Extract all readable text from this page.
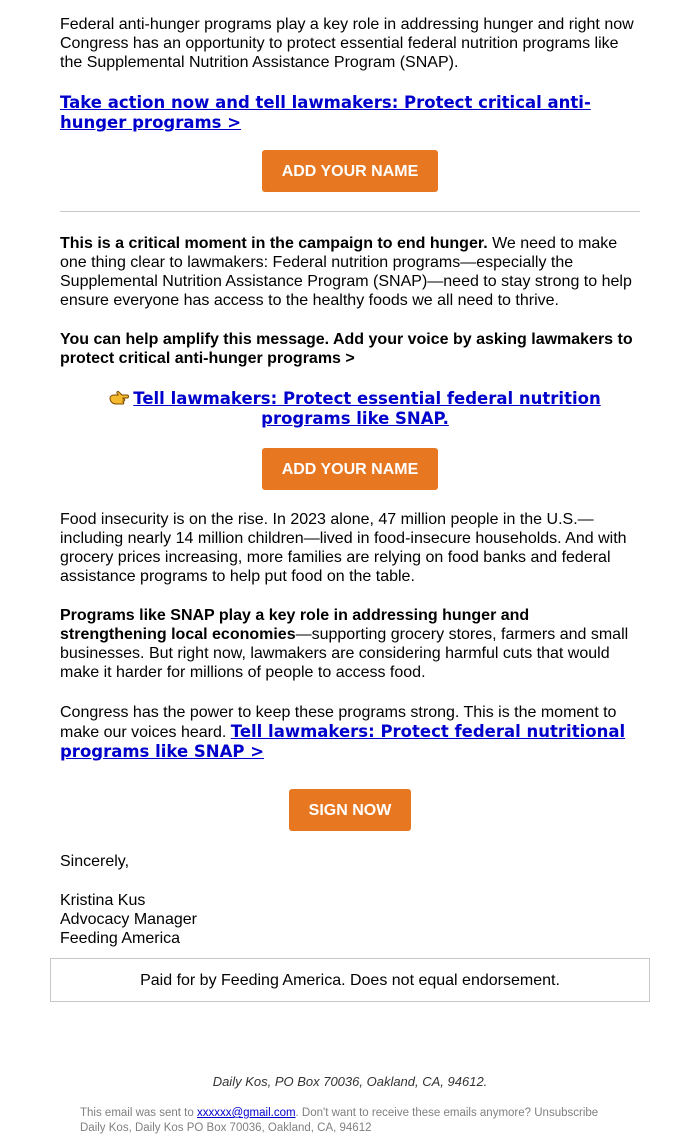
Federal anti-hunger programs play a key role in addressing hunger and right now Congress has an opportunity to protect essential federal nutrition programs like the Supplemental Nutrition Assistance Program (SNAP).

Take action now and tell lawmakers: Protect critical anti-hunger programs >

ADD YOUR NAME

This is a critical moment in the campaign to end hunger. We need to make one thing clear to lawmakers: Federal nutrition programs—especially the Supplemental Nutrition Assistance Program (SNAP)—need to stay strong to help ensure everyone has access to the healthy foods we all need to thrive.

You can help amplify this message. Add your voice by asking lawmakers to protect critical anti-hunger programs >

Tell lawmakers: Protect essential federal nutrition programs like SNAP.

ADD YOUR NAME

Food insecurity is on the rise. In 2023 alone, 47 million people in the U.S.—including nearly 14 million children—lived in food-insecure households. And with grocery prices increasing, more families are relying on food banks and federal assistance programs to help put food on the table.

Programs like SNAP play a key role in addressing hunger and strengthening local economies—supporting grocery stores, farmers and small businesses. But right now, lawmakers are considering harmful cuts that would make it harder for millions of people to access food.

Congress has the power to keep these programs strong. This is the moment to make our voices heard. Tell lawmakers: Protect federal nutritional programs like SNAP >

SIGN NOW

Sincerely,

Kristina Kus

Advocacy Manager

Feeding America

Paid for by Feeding America. Does not equal endorsement.
Daily Kos, PO Box 70036, Oakland, CA, 94612.
This email was sent to xxxxxx@gmail.com. Don't want to receive these emails anymore? Unsubscribe
Daily Kos, Daily Kos PO Box 70036, Oakland, CA, 94612
